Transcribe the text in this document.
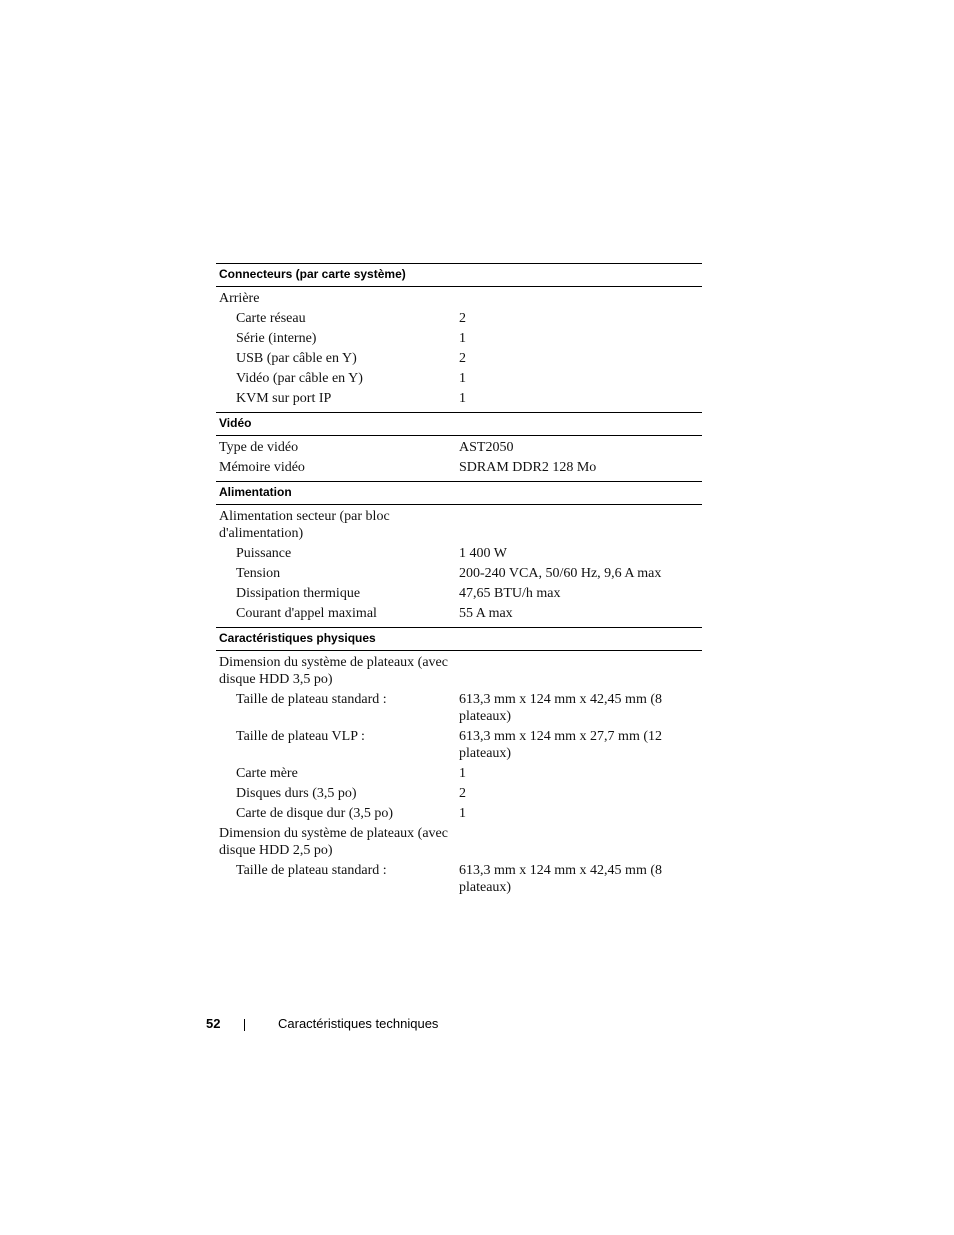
Connecteurs (par carte système)
Arrière
Carte réseau	2
Série (interne)	1
USB (par câble en Y)	2
Vidéo (par câble en Y)	1
KVM sur port IP	1
Vidéo
Type de vidéo	AST2050
Mémoire vidéo	SDRAM DDR2 128 Mo
Alimentation
Alimentation secteur (par bloc d'alimentation)
Puissance	1 400 W
Tension	200-240 VCA, 50/60 Hz, 9,6 A max
Dissipation thermique	47,65 BTU/h max
Courant d'appel maximal	55 A max
Caractéristiques physiques
Dimension du système de plateaux (avec disque HDD 3,5 po)
Taille de plateau standard :	613,3 mm x 124 mm x 42,45 mm (8 plateaux)
Taille de plateau VLP :	613,3 mm x 124 mm x 27,7 mm (12 plateaux)
Carte mère	1
Disques durs (3,5 po)	2
Carte de disque dur (3,5 po)	1
Dimension du système de plateaux (avec disque HDD 2,5 po)
Taille de plateau standard :	613,3 mm x 124 mm x 42,45 mm (8 plateaux)
52	Caractéristiques techniques
